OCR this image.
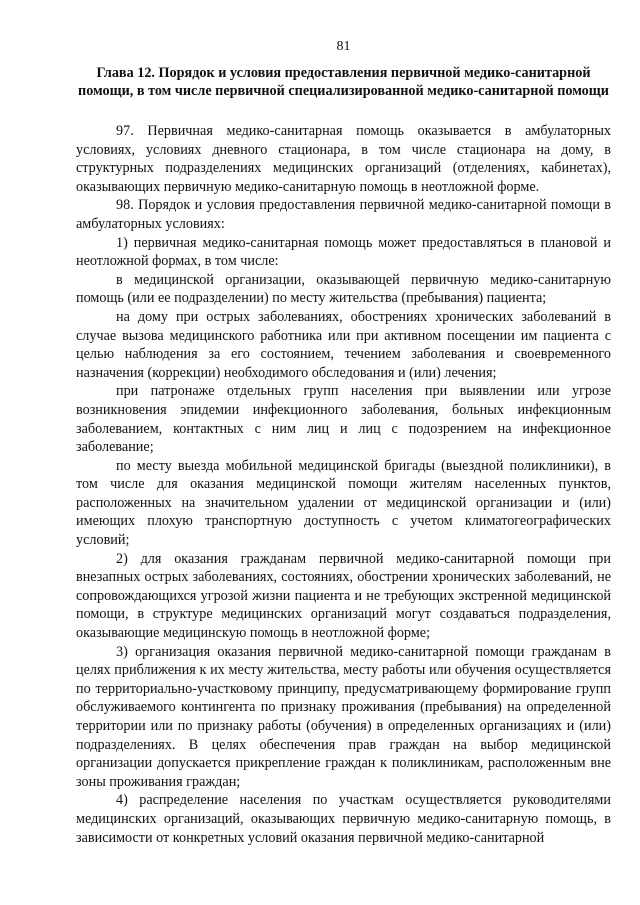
81
Глава 12. Порядок и условия предоставления первичной медико-санитарной помощи, в том числе первичной специализированной медико-санитарной помощи

97. Первичная медико-санитарная помощь оказывается в амбулаторных условиях, условиях дневного стационара, в том числе стационара на дому, в структурных подразделениях медицинских организаций (отделениях, кабинетах), оказывающих первичную медико-санитарную помощь в неотложной форме.

98. Порядок и условия предоставления первичной медико-санитарной помощи в амбулаторных условиях:

1) первичная медико-санитарная помощь может предоставляться в плановой и неотложной формах, в том числе:

в медицинской организации, оказывающей первичную медико-санитарную помощь (или ее подразделении) по месту жительства (пребывания) пациента;

на дому при острых заболеваниях, обострениях хронических заболеваний в случае вызова медицинского работника или при активном посещении им пациента с целью наблюдения за его состоянием, течением заболевания и своевременного назначения (коррекции) необходимого обследования и (или) лечения;

при патронаже отдельных групп населения при выявлении или угрозе возникновения эпидемии инфекционного заболевания, больных инфекционным заболеванием, контактных с ним лиц и лиц с подозрением на инфекционное заболевание;

по месту выезда мобильной медицинской бригады (выездной поликлиники), в том числе для оказания медицинской помощи жителям населенных пунктов, расположенных на значительном удалении от медицинской организации и (или) имеющих плохую транспортную доступность с учетом климатогеографических условий;

2) для оказания гражданам первичной медико-санитарной помощи при внезапных острых заболеваниях, состояниях, обострении хронических заболеваний, не сопровождающихся угрозой жизни пациента и не требующих экстренной медицинской помощи, в структуре медицинских организаций могут создаваться подразделения, оказывающие медицинскую помощь в неотложной форме;

3) организация оказания первичной медико-санитарной помощи гражданам в целях приближения к их месту жительства, месту работы или обучения осуществляется по территориально-участковому принципу, предусматривающему формирование групп обслуживаемого контингента по признаку проживания (пребывания) на определенной территории или по признаку работы (обучения) в определенных организациях и (или) подразделениях. В целях обеспечения прав граждан на выбор медицинской организации допускается прикрепление граждан к поликлиникам, расположенным вне зоны проживания граждан;

4) распределение населения по участкам осуществляется руководителями медицинских организаций, оказывающих первичную медико-санитарную помощь, в зависимости от конкретных условий оказания первичной медико-санитарной
